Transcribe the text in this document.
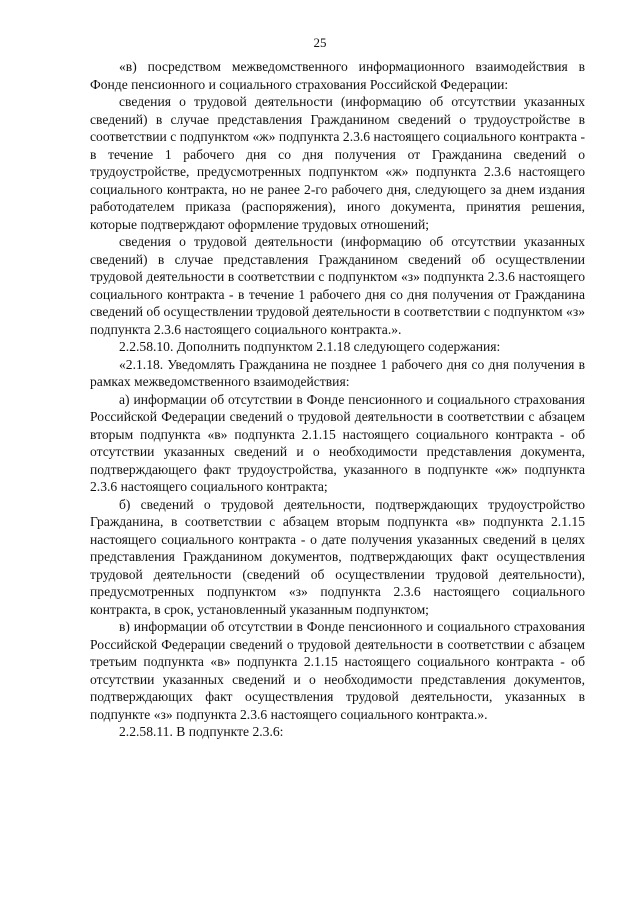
25

«в) посредством межведомственного информационного взаимодействия в Фонде пенсионного и социального страхования Российской Федерации:

сведения о трудовой деятельности (информацию об отсутствии указанных сведений) в случае представления Гражданином сведений о трудоустройстве в соответствии с подпунктом «ж» подпункта 2.3.6 настоящего социального контракта - в течение 1 рабочего дня со дня получения от Гражданина сведений о трудоустройстве, предусмотренных подпунктом «ж» подпункта 2.3.6 настоящего социального контракта, но не ранее 2-го рабочего дня, следующего за днем издания работодателем приказа (распоряжения), иного документа, принятия решения, которые подтверждают оформление трудовых отношений;

сведения о трудовой деятельности (информацию об отсутствии указанных сведений) в случае представления Гражданином сведений об осуществлении трудовой деятельности в соответствии с подпунктом «з» подпункта 2.3.6 настоящего социального контракта - в течение 1 рабочего дня со дня получения от Гражданина сведений об осуществлении трудовой деятельности в соответствии с подпунктом «з» подпункта 2.3.6 настоящего социального контракта.».

2.2.58.10. Дополнить подпунктом 2.1.18 следующего содержания:

«2.1.18. Уведомлять Гражданина не позднее 1 рабочего дня со дня получения в рамках межведомственного взаимодействия:

а) информации об отсутствии в Фонде пенсионного и социального страхования Российской Федерации сведений о трудовой деятельности в соответствии с абзацем вторым подпункта «в» подпункта 2.1.15 настоящего социального контракта - об отсутствии указанных сведений и о необходимости представления документа, подтверждающего факт трудоустройства, указанного в подпункте «ж» подпункта 2.3.6 настоящего социального контракта;

б) сведений о трудовой деятельности, подтверждающих трудоустройство Гражданина, в соответствии с абзацем вторым подпункта «в» подпункта 2.1.15 настоящего социального контракта - о дате получения указанных сведений в целях представления Гражданином документов, подтверждающих факт осуществления трудовой деятельности (сведений об осуществлении трудовой деятельности), предусмотренных подпунктом «з» подпункта 2.3.6 настоящего социального контракта, в срок, установленный указанным подпунктом;

в) информации об отсутствии в Фонде пенсионного и социального страхования Российской Федерации сведений о трудовой деятельности в соответствии с абзацем третьим подпункта «в» подпункта 2.1.15 настоящего социального контракта - об отсутствии указанных сведений и о необходимости представления документов, подтверждающих факт осуществления трудовой деятельности, указанных в подпункте «з» подпункта 2.3.6 настоящего социального контракта.».

2.2.58.11. В подпункте 2.3.6:
